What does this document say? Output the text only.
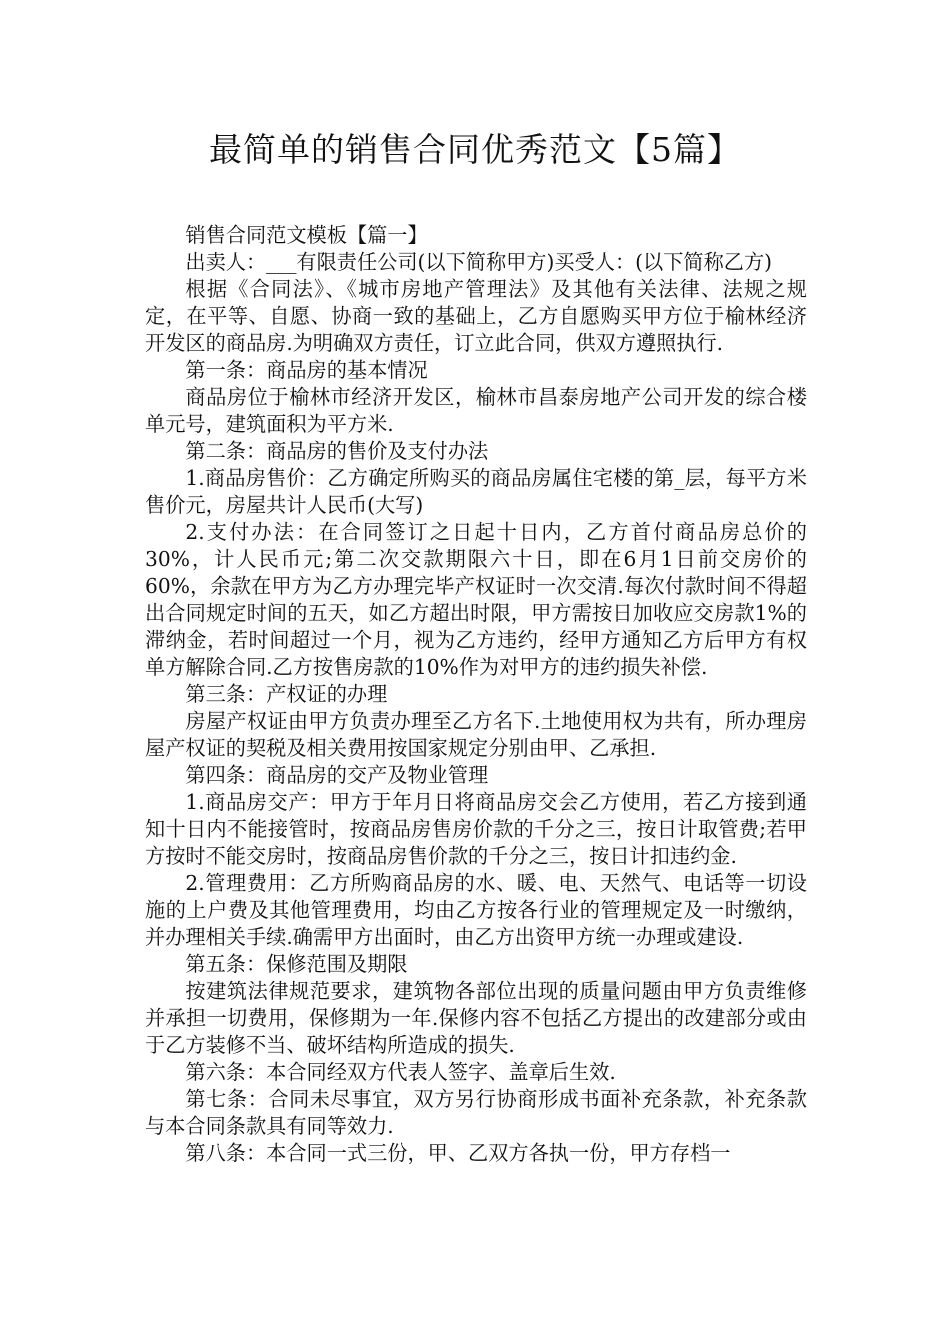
最简单的销售合同优秀范文【5篇】

销售合同范文模板【篇一】

出卖人：___有限责任公司(以下简称甲方)买受人：(以下简称乙方)

根据《合同法》、《城市房地产管理法》及其他有关法律、法规之规定，在平等、自愿、协商一致的基础上，乙方自愿购买甲方位于榆林经济开发区的商品房.为明确双方责任，订立此合同，供双方遵照执行.

第一条：商品房的基本情况

商品房位于榆林市经济开发区，榆林市昌泰房地产公司开发的综合楼单元号，建筑面积为平方米.

第二条：商品房的售价及支付办法

1.商品房售价：乙方确定所购买的商品房属住宅楼的第_层，每平方米售价元，房屋共计人民币(大写)

2.支付办法：在合同签订之日起十日内，乙方首付商品房总价的30%，计人民币元;第二次交款期限六十日，即在6月1日前交房价的60%，余款在甲方为乙方办理完毕产权证时一次交清.每次付款时间不得超出合同规定时间的五天，如乙方超出时限，甲方需按日加收应交房款1%的滞纳金，若时间超过一个月，视为乙方违约，经甲方通知乙方后甲方有权单方解除合同.乙方按售房款的10%作为对甲方的违约损失补偿.

第三条：产权证的办理

房屋产权证由甲方负责办理至乙方名下.土地使用权为共有，所办理房屋产权证的契税及相关费用按国家规定分别由甲、乙承担.

第四条：商品房的交产及物业管理

1.商品房交产：甲方于年月日将商品房交会乙方使用，若乙方接到通知十日内不能接管时，按商品房售房价款的千分之三，按日计取管费;若甲方按时不能交房时，按商品房售价款的千分之三，按日计扣违约金.

2.管理费用：乙方所购商品房的水、暖、电、天然气、电话等一切设施的上户费及其他管理费用，均由乙方按各行业的管理规定及一时缴纳，并办理相关手续.确需甲方出面时，由乙方出资甲方统一办理或建设.

第五条：保修范围及期限

按建筑法律规范要求，建筑物各部位出现的质量问题由甲方负责维修并承担一切费用，保修期为一年.保修内容不包括乙方提出的改建部分或由于乙方装修不当、破坏结构所造成的损失.

第六条：本合同经双方代表人签字、盖章后生效.

第七条：合同未尽事宜，双方另行协商形成书面补充条款，补充条款与本合同条款具有同等效力.

第八条：本合同一式三份，甲、乙双方各执一份，甲方存档一
